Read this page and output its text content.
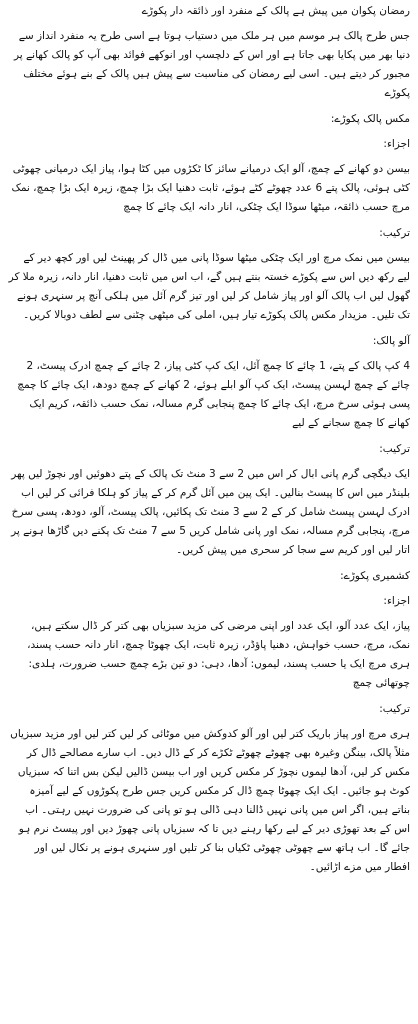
رمضان پکوان میں پیش ہے پالک کے منفرد اور ذائقہ دار پکوڑے

جس طرح پالک ہر موسم میں ہر ملک میں دستیاب ہوتا ہے اسی طرح یہ منفرد انداز سے دنیا بھر میں پکایا بھی جاتا ہے اور اس کے دلچسپ اور انوکھے فوائد بھی آپ کو پالک کھانے پر مجبور کر دیتے ہیں۔ اسی لیے رمضان کی مناسبت سے پیش ہیں پالک کے بنے ہوئے مختلف پکوڑے

مکس پالک پکوڑے:

اجزاء:

بیسن دو کھانے کے چمچ، آلو ایک درمیانے سائز کا ٹکڑوں میں کٹا ہوا، پیاز ایک درمیانی چھوٹی کٹی ہوئی، پالک پتے 6 عدد چھوٹے کٹے ہوئے، ثابت دھنیا ایک بڑا چمچ، زیرہ ایک بڑا چمچ، نمک مرچ حسب ذائقہ، میٹھا سوڈا ایک چٹکی، انار دانہ ایک چائے کا چمچ

ترکیب:

بیسن میں نمک مرچ اور ایک چٹکی میٹھا سوڈا پانی میں ڈال کر پھینٹ لیں اور کچھ دیر کے لیے رکھ دیں اس سے پکوڑے خستہ بنتے ہیں گے، اب اس میں ثابت دھنیا، انار دانہ، زیرہ ملا کر گھول لیں اب پالک آلو اور پیاز شامل کر لیں اور تیز گرم آئل میں ہلکی آنچ پر سنہری ہونے تک تلیں۔ مزیدار مکس پالک پکوڑے تیار ہیں، املی کی میٹھی چٹنی سے لطف دوبالا کریں۔

آلو پالک:

4 کپ پالک کے پتے، 1 چائے کا چمچ آئل، ایک کپ کٹی پیاز، 2 چائے کے چمچ ادرک پیسٹ، 2 چائے کے چمچ لہسن پیسٹ، ایک کپ آلو ابلے ہوئے، 2 کھانے کے چمچ دودھ، ایک چائے کا چمچ پسی ہوئی سرخ مرچ، ایک چائے کا چمچ پنجابی گرم مسالہ، نمک حسب ذائقہ، کریم ایک کھانے کا چمچ سجانے کے لیے

ترکیب:

ایک دیگچی گرم پانی ابال کر اس میں 2 سے 3 منٹ تک پالک کے پتے دھوئیں اور نچوڑ لیں پھر بلینڈر میں اس کا پیسٹ بنالیں۔ ایک پین میں آئل گرم کر کے پیاز کو ہلکا فرائی کر لیں اب ادرک لہسن پیسٹ شامل کر کے 2 سے 3 منٹ تک پکائیں، پالک پیسٹ، آلو، دودھ، پسی سرخ مرچ، پنجابی گرم مسالہ، نمک اور پانی شامل کریں 5 سے 7 منٹ تک پکنے دیں گاڑھا ہونے پر اتار لیں اور کریم سے سجا کر سحری میں پیش کریں۔

کشمیری پکوڑے:

اجزاء:

پیاز، ایک عدد آلو، ایک عدد اور اپنی مرضی کی مزید سبزیاں بھی کتر کر ڈال سکتے ہیں، نمک، مرچ، حسب خواہش، دھنیا پاؤڈر، زیرہ ثابت، ایک چھوٹا چمچ، انار دانہ حسب پسند، ہری مرچ ایک یا حسب پسند، لیموں: آدھا، دہی: دو تین بڑے چمچ حسب ضرورت، ہلدی: چوتھائی چمچ

ترکیب:

ہری مرچ اور پیاز باریک کتر لیں اور آلو کدوکش میں موٹائی کر لیں کتر لیں اور مزید سبزیاں مثلاً پالک، بینگن وغیرہ بھی چھوٹے چھوٹے ٹکڑے کر کے ڈال دیں۔ اب سارے مصالحے ڈال کر مکس کر لیں، آدھا لیموں نچوڑ کر مکس کریں اور اب بیسن ڈالیں لیکن بس اتنا کہ سبزیاں کوٹ ہو جائیں۔ ایک ایک چھوٹا چمچ ڈال کر مکس کریں جس طرح پکوڑوں کے لیے آمیزہ بناتے ہیں، اگر اس میں پانی نہیں ڈالنا دہی ڈالی ہو تو پانی کی ضرورت نہیں رہتی۔ اب اس کے بعد تھوڑی دیر کے لیے رکھا رہنے دیں تا کہ سبزیاں پانی چھوڑ دیں اور پیسٹ نرم ہو جائے گا۔ اب ہاتھ سے چھوٹی چھوٹی ٹکیاں بنا کر تلیں اور سنہری ہونے پر نکال لیں اور افطار میں مزے اڑائیں۔
